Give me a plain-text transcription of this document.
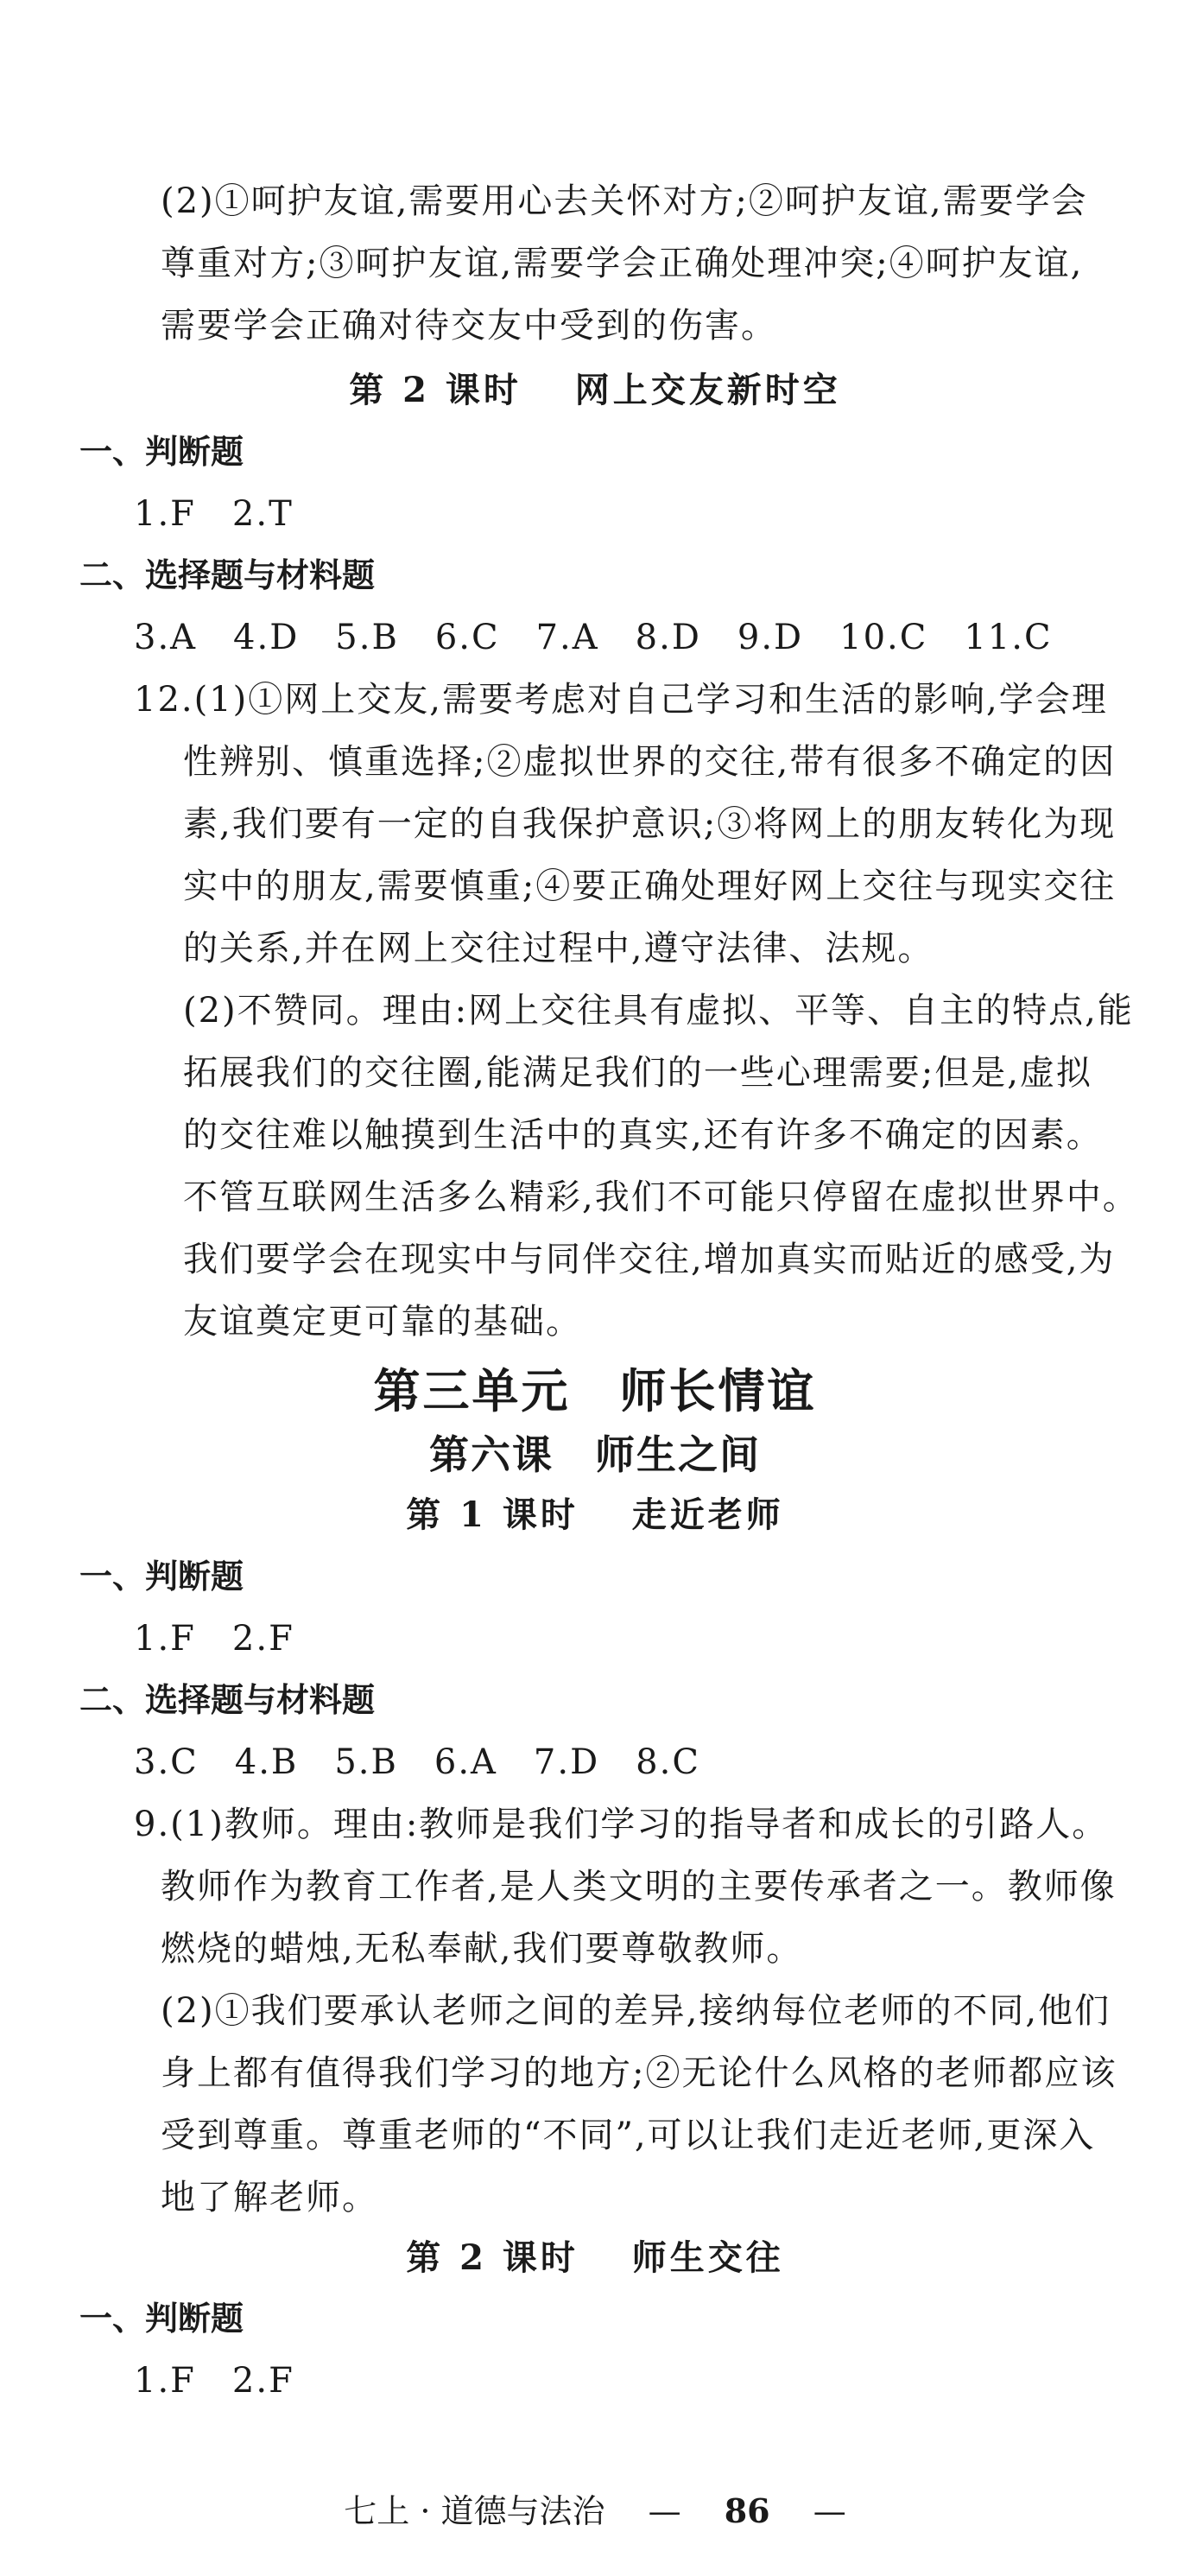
(2)①呵护友谊,需要用心去关怀对方;②呵护友谊,需要学会
尊重对方;③呵护友谊,需要学会正确处理冲突;④呵护友谊,
需要学会正确对待交友中受到的伤害。
第 2 课时　 网上交友新时空
一、判断题
1.F　2.T
二、选择题与材料题
3.A　4.D　5.B　6.C　7.A　8.D　9.D　10.C　11.C
12.(1)①网上交友,需要考虑对自己学习和生活的影响,学会理
性辨别、慎重选择;②虚拟世界的交往,带有很多不确定的因
素,我们要有一定的自我保护意识;③将网上的朋友转化为现
实中的朋友,需要慎重;④要正确处理好网上交往与现实交往
的关系,并在网上交往过程中,遵守法律、法规。
(2)不赞同。理由:网上交往具有虚拟、平等、自主的特点,能
拓展我们的交往圈,能满足我们的一些心理需要;但是,虚拟
的交往难以触摸到生活中的真实,还有许多不确定的因素。
不管互联网生活多么精彩,我们不可能只停留在虚拟世界中。
我们要学会在现实中与同伴交往,增加真实而贴近的感受,为
友谊奠定更可靠的基础。
第三单元　师长情谊
第六课　师生之间
第 1 课时　 走近老师
一、判断题
1.F　2.F
二、选择题与材料题
3.C　4.B　5.B　6.A　7.D　8.C
9.(1)教师。理由:教师是我们学习的指导者和成长的引路人。
教师作为教育工作者,是人类文明的主要传承者之一。教师像
燃烧的蜡烛,无私奉献,我们要尊敬教师。
(2)①我们要承认老师之间的差异,接纳每位老师的不同,他们
身上都有值得我们学习的地方;②无论什么风格的老师都应该
受到尊重。尊重老师的“不同”,可以让我们走近老师,更深入
地了解老师。
第 2 课时　 师生交往
一、判断题
1.F　2.F
七上 · 道德与法治 　—　 86 　—
